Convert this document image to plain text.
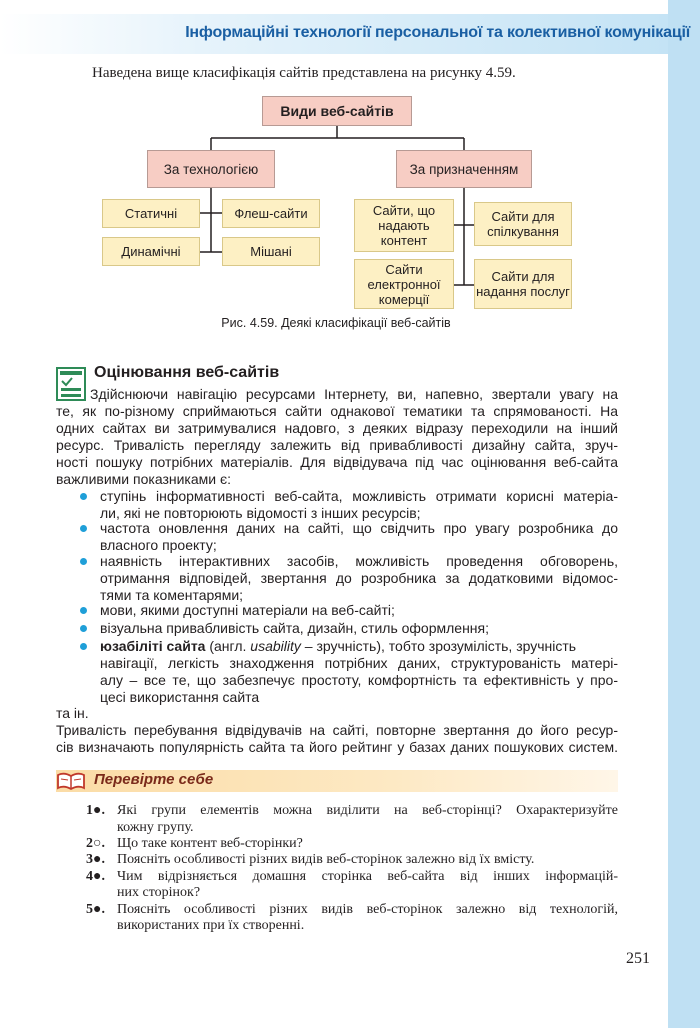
Інформаційні технології персональної та колективної комунікації
Наведена вище класифікація сайтів представлена на рисунку 4.59.
Види веб-сайтів
За технологією	За призначенням
Статичні	Флеш-сайти
Динамічні	Мішані
Сайти, що надають контент
Сайти для спілкування
Сайти електронної комерції
Сайти для надання послуг
Рис. 4.59. Деякі класифікації веб-сайтів
Оцінювання веб-сайтів
Здійснюючи навігацію ресурсами Інтернету, ви, напевно, звертали увагу на
те, як по-різному сприймаються сайти однакової тематики та спрямованості. На
одних сайтах ви затримувалися надовго, з деяких відразу переходили на інший
ресурс. Тривалість перегляду залежить від привабливості дизайну сайта, зруч-
ності пошуку потрібних матеріалів. Для відвідувача під час оцінювання веб-сайта
важливими показниками є:
ступінь інформативності веб-сайта, можливість отримати корисні матеріа-
ли, які не повторюють відомості з інших ресурсів;
частота оновлення даних на сайті, що свідчить про увагу розробника до
власного проекту;
наявність інтерактивних засобів, можливість проведення обговорень,
отримання відповідей, звертання до розробника за додатковими відомос-
тями та коментарями;
мови, якими доступні матеріали на веб-сайті;
візуальна привабливість сайта, дизайн, стиль оформлення;
юзабіліті сайта (англ. usability – зручність), тобто зрозумілість, зручність
навігації, легкість знаходження потрібних даних, структурованість матері-
алу – все те, що забезпечує простоту, комфортність та ефективність у про-
цесі використання сайта
та ін.
Тривалість перебування відвідувачів на сайті, повторне звертання до його ресур-
сів визначають популярність сайта та його рейтинг у базах даних пошукових систем.
Перевірте себе
1●. Які групи елементів можна виділити на веб-сторінці? Охарактеризуйте
кожну групу.
2○. Що таке контент веб-сторінки?
3●. Поясніть особливості різних видів веб-сторінок залежно від їх вмісту.
4●. Чим відрізняється домашня сторінка веб-сайта від інших інформацій-
них сторінок?
5●. Поясніть особливості різних видів веб-сторінок залежно від технологій,
використаних при їх створенні.
251
